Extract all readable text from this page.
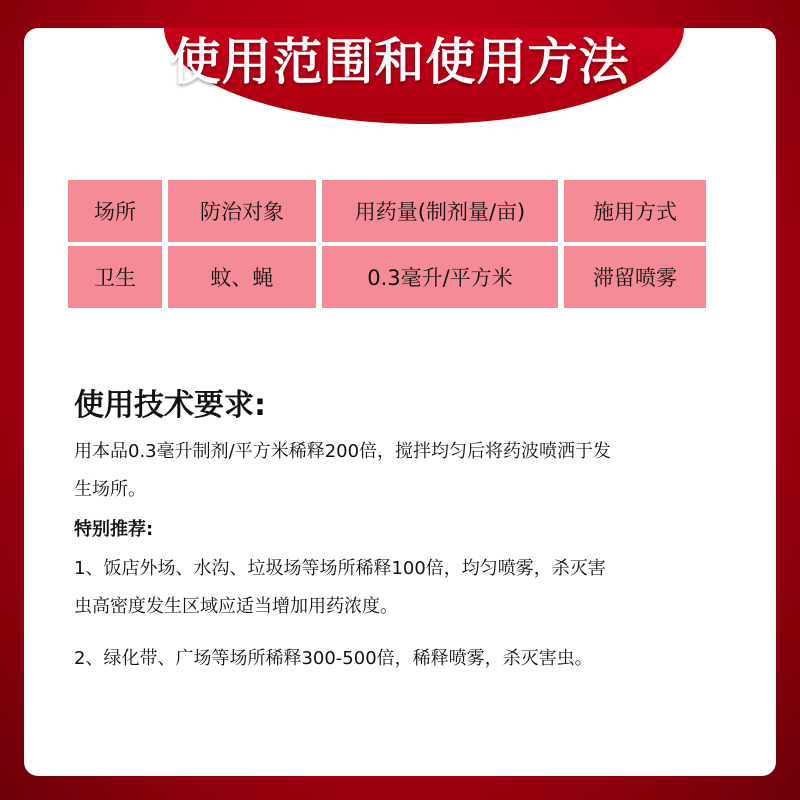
使用范围和使用方法
场所	防治对象	用药量(制剂量/亩)	施用方式
卫生	蚊、蝇	0.3毫升/平方米	滞留喷雾
使用技术要求:
用本品0.3毫升制剂/平方米稀释200倍，搅拌均匀后将药波喷洒于发
生场所。
特别推荐:
1、饭店外场、水沟、垃圾场等场所稀释100倍，均匀喷雾，杀灭害
虫高密度发生区域应适当增加用药浓度。
2、绿化带、广场等场所稀释300-500倍，稀释喷雾，杀灭害虫。
